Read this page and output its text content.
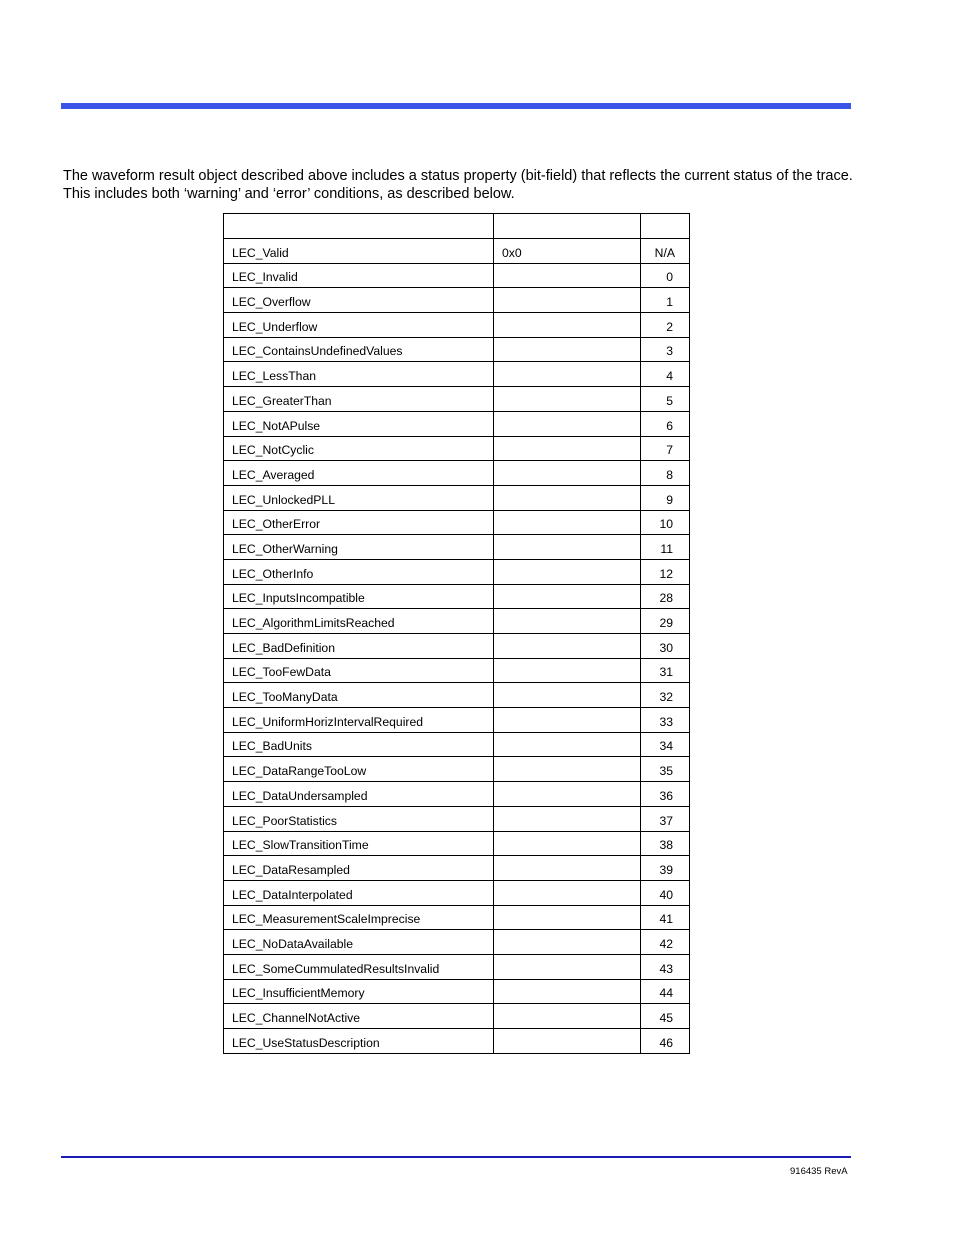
The waveform result object described above includes a status property (bit-field) that reflects the current status of the trace. This includes both ‘warning’ and ‘error’ conditions, as described below.

LEC_Valid	0x0	N/A

LEC_Invalid		0

LEC_Overflow		1

LEC_Underflow		2

LEC_ContainsUndefinedValues		3

LEC_LessThan		4

LEC_GreaterThan		5

LEC_NotAPulse		6

LEC_NotCyclic		7

LEC_Averaged		8

LEC_UnlockedPLL		9

LEC_OtherError		10

LEC_OtherWarning		11

LEC_OtherInfo		12

LEC_InputsIncompatible		28

LEC_AlgorithmLimitsReached		29

LEC_BadDefinition		30

LEC_TooFewData		31

LEC_TooManyData		32

LEC_UniformHorizIntervalRequired		33

LEC_BadUnits		34

LEC_DataRangeTooLow		35

LEC_DataUndersampled		36

LEC_PoorStatistics		37

LEC_SlowTransitionTime		38

LEC_DataResampled		39

LEC_DataInterpolated		40

LEC_MeasurementScaleImprecise		41

LEC_NoDataAvailable		42

LEC_SomeCummulatedResultsInvalid		43

LEC_InsufficientMemory		44

LEC_ChannelNotActive		45

LEC_UseStatusDescription		46
916435 RevA
